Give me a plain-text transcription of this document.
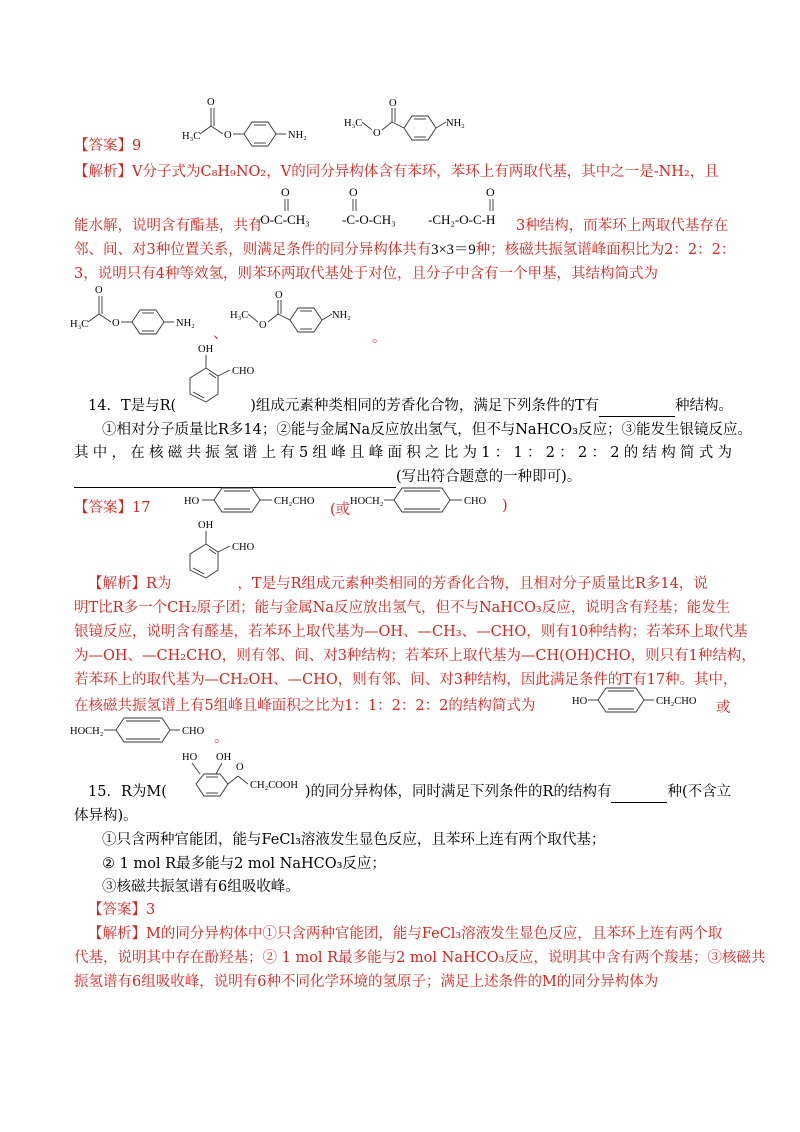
【答案】9
H₃C
O
O	NH₂
H₃C
O
O
NH₂
【解析】V分子式为C₈H₉NO₂，V的同分异构体含有苯环，苯环上有两取代基，其中之一是-NH₂，且
能水解，说明含有酯基，共有
-O-C-CH₃
O
-C-O-CH₃
O
-CH₂-O-C-H
O
3种结构，而苯环上两取代基存在
邻、间、对3种位置关系，则满足条件的同分异构体共有3×3＝9种；核磁共振氢谱峰面积比为2：2：2：
3，说明只有4种等效氢，则苯环两取代基处于对位，且分子中含有一个甲基，其结构简式为
H₃C
O
O	NH₂
、
H₃C
O
O
NH₂
。
OH
CHO
14．T是与R(	)组成元素种类相同的芳香化合物，满足下列条件的T有	种结构。
①相对分子质量比R多14；②能与金属Na反应放出氢气，但不与NaHCO₃反应；③能发生银镜反应。
其中，在核磁共振氢谱上有5组峰且峰面积之比为1：1：2：2：2的结构简式为
(写出符合题意的一种即可)。
【答案】17	HO	CH₂CHO
(或
HOCH₂	CHO )
OH
CHO
【解析】R为	，T是与R组成元素种类相同的芳香化合物，且相对分子质量比R多14，说
明T比R多一个CH₂原子团；能与金属Na反应放出氢气，但不与NaHCO₃反应，说明含有羟基；能发生
银镜反应，说明含有醛基，若苯环上取代基为—OH、—CH₃、—CHO，则有10种结构；若苯环上取代基
为—OH、—CH₂CHO，则有邻、间、对3种结构；若苯环上取代基为—CH(OH)CHO，则只有1种结构，
若苯环上的取代基为—CH₂OH、—CHO，则有邻、间、对3种结构，因此满足条件的T有17种。其中，
在核磁共振氢谱上有5组峰且峰面积之比为1：1：2：2：2的结构简式为	HO	CH₂CHO 或
HOCH₂	CHO 。
HO OH
O
CH₂COOH
15．R为M(	)的同分异构体，同时满足下列条件的R的结构有	种(不含立
体异构)。
①只含两种官能团，能与FeCl₃溶液发生显色反应，且苯环上连有两个取代基；
② 1 mol R最多能与2 mol NaHCO₃反应；
③核磁共振氢谱有6组吸收峰。
【答案】3
【解析】M的同分异构体中①只含两种官能团，能与FeCl₃溶液发生显色反应，且苯环上连有两个取
代基，说明其中存在酚羟基；② 1 mol R最多能与2 mol NaHCO₃反应，说明其中含有两个羧基；③核磁共
振氢谱有6组吸收峰，说明有6种不同化学环境的氢原子；满足上述条件的M的同分异构体为
